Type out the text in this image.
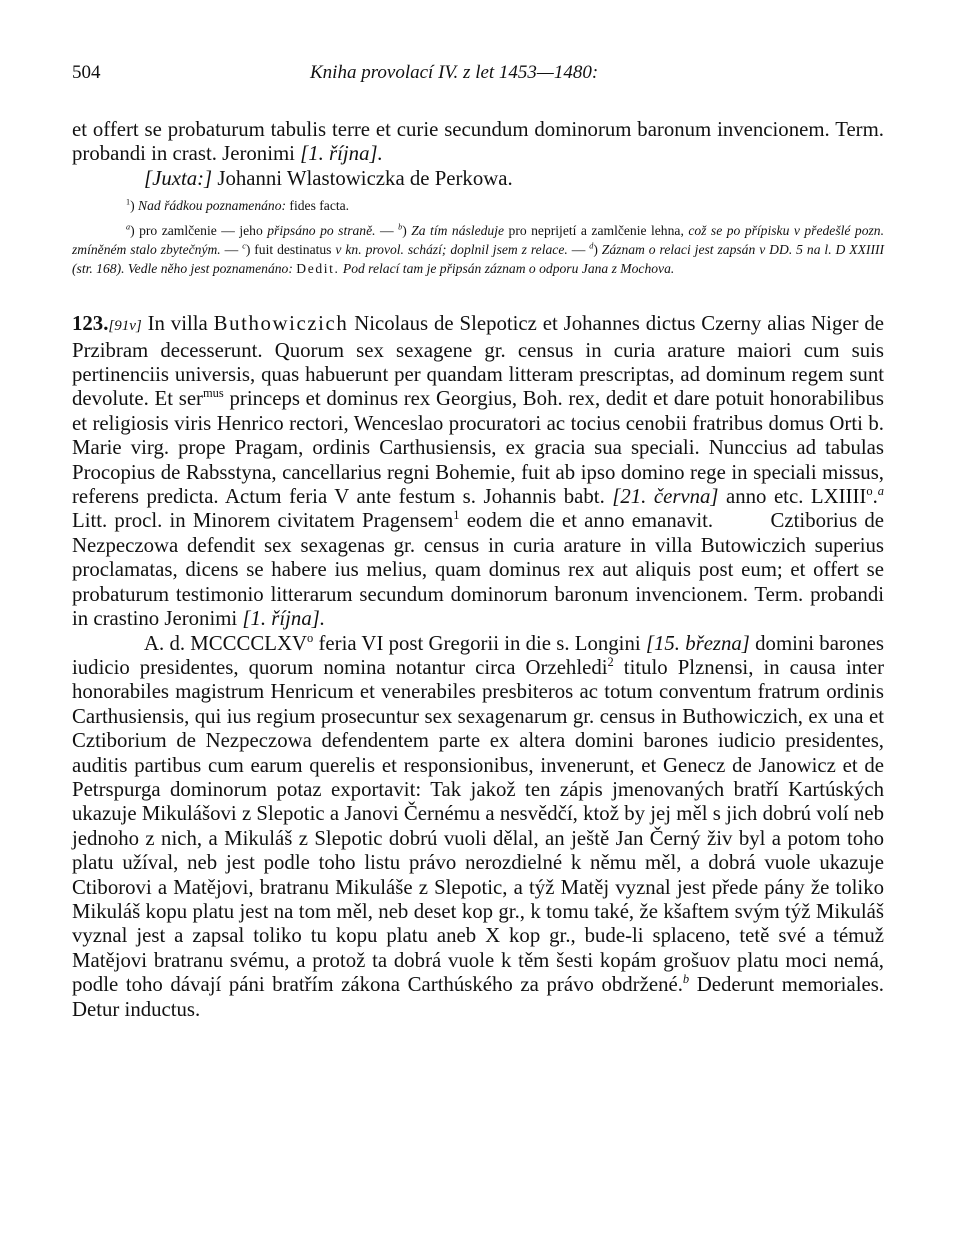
504	Kniha provolací IV. z let 1453—1480:

et offert se probaturum tabulis terre et curie secundum dominorum baronum invencionem. Term. probandi in crast. Jeronimi [1. října].

[Juxta:] Johanni Wlastowiczka de Perkowa.

$^1$) Nad řádkou poznamenáno: fides facta.

$^a$) pro zamlčenie — jeho připsáno po straně. — $^b$) Za tím následuje pro neprijetí a zamlčenie lehna, což se po přípisku v předešlé pozn. zmíněném stalo zbytečným. — $^c$) fuit destinatus v kn. provol. schází; doplnil jsem z relace. — $^d$) Záznam o relaci jest zapsán v DD. 5 na l. D XXIIII (str. 168). Vedle něho jest poznamenáno: Dedit. Pod relací tam je připsán záznam o odporu Jana z Mochova.

123.[91v] In villa Buthowiczich Nicolaus de Slepoticz et Johannes dictus Czerny alias Niger de Przibram decesserunt. Quorum sex sexagene gr. census in curia arature maiori cum suis pertinenciis universis, quas habuerunt per quandam litteram prescriptas, ad dominum regem sunt devolute. Et ser$^{mus}$ princeps et dominus rex Georgius, Boh. rex, dedit et dare potuit honorabilibus et religiosis viris Henrico rectori, Wenceslao procuratori ac tocius cenobii fratribus domus Orti b. Marie virg. prope Pragam, ordinis Carthusiensis, ex gracia sua speciali. Nunccius ad tabulas Procopius de Rabsstyna, cancellarius regni Bohemie, fuit ab ipso domino rege in speciali missus, referens predicta. Actum feria V ante festum s. Johannis babt. [21. června] anno etc. LXIIII$^o$.$^a$ Litt. procl. in Minorem civitatem Pragensem$^1$ eodem die et anno emanavit.        Cztiborius de Nezpeczowa defendit sex sexagenas gr. census in curia arature in villa Butowiczich superius proclamatas, dicens se habere ius melius, quam dominus rex aut aliquis post eum; et offert se probaturum testimonio litterarum secundum dominorum baronum invencionem. Term. probandi in crastino Jeronimi [1. října].

A. d. MCCCCLXV$^o$ feria VI post Gregorii in die s. Longini [15. března] domini barones iudicio presidentes, quorum nomina notantur circa Orzehledi$^2$ titulo Plznensi, in causa inter honorabiles magistrum Henricum et venerabiles presbiteros ac totum conventum fratrum ordinis Carthusiensis, qui ius regium prosecuntur sex sexagenarum gr. census in Buthowiczich, ex una et Cztiborium de Nezpeczowa defendentem parte ex altera domini barones iudicio presidentes, auditis partibus cum earum querelis et responsionibus, invenerunt, et Genecz de Janowicz et de Petrspurga dominorum potaz exportavit: Tak jakož ten zápis jmenovaných bratří Kartúských ukazuje Mikulášovi z Slepotic a Janovi Černému a nesvědčí, ktož by jej měl s jich dobrú volí neb jednoho z nich, a Mikuláš z Slepotic dobrú vuoli dělal, an ještě Jan Černý živ byl a potom toho platu užíval, neb jest podle toho listu právo nerozdielné k němu měl, a dobrá vuole ukazuje Ctiborovi a Matějovi, bratranu Mikuláše z Slepotic, a týž Matěj vyznal jest přede pány že toliko Mikuláš kopu platu jest na tom měl, neb deset kop gr., k tomu také, že kšaftem svým týž Mikuláš vyznal jest a zapsal toliko tu kopu platu aneb X kop gr., bude-li splaceno, tetě své a témuž Matějovi bratranu svému, a protož ta dobrá vuole k těm šesti kopám grošuov platu moci nemá, podle toho dávají páni bratřím zákona Carthúského za právo obdržené.$^b$ Dederunt memoriales. Detur inductus.
